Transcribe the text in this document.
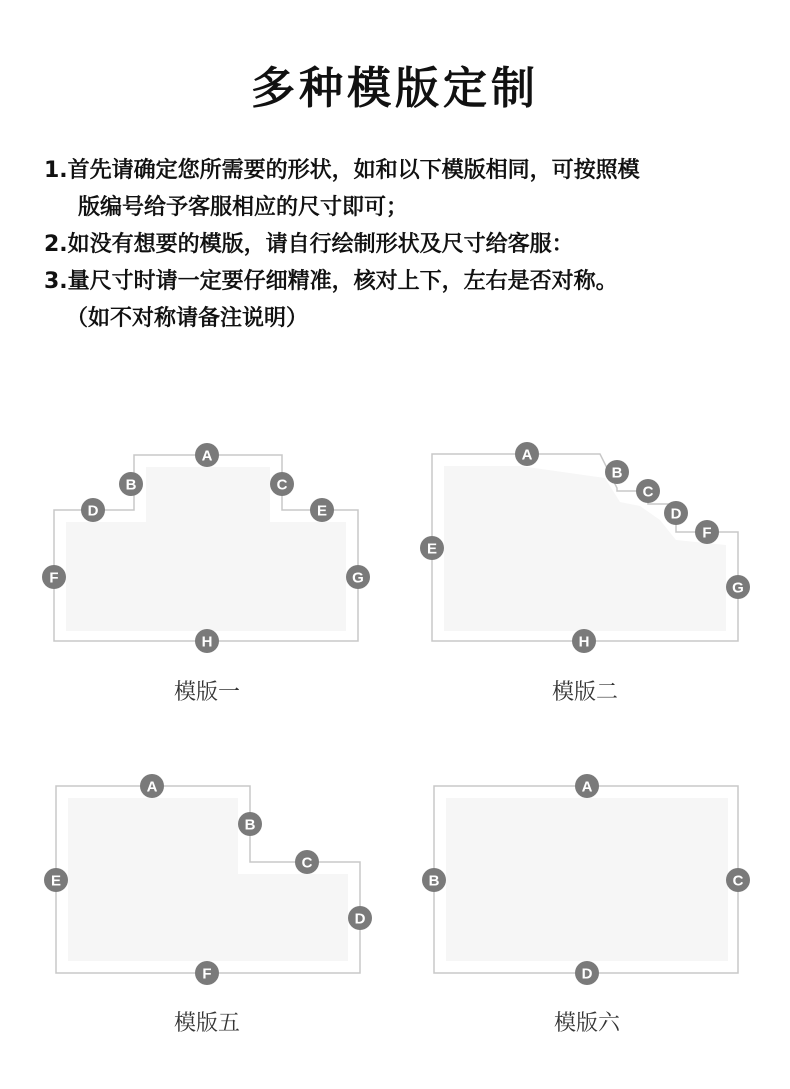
多种模版定制
1.首先请确定您所需要的形状，如和以下模版相同，可按照模
版编号给予客服相应的尺寸即可；
2.如没有想要的模版，请自行绘制形状及尺寸给客服：
3.量尺寸时请一定要仔细精准，核对上下，左右是否对称。
（如不对称请备注说明）
A
B	C
D	E
F	G
H
A
B
C
D
F
E
G
H
A
B
C
D
E
F
A
B	C
D
模版一	模版二
模版五	模版六
